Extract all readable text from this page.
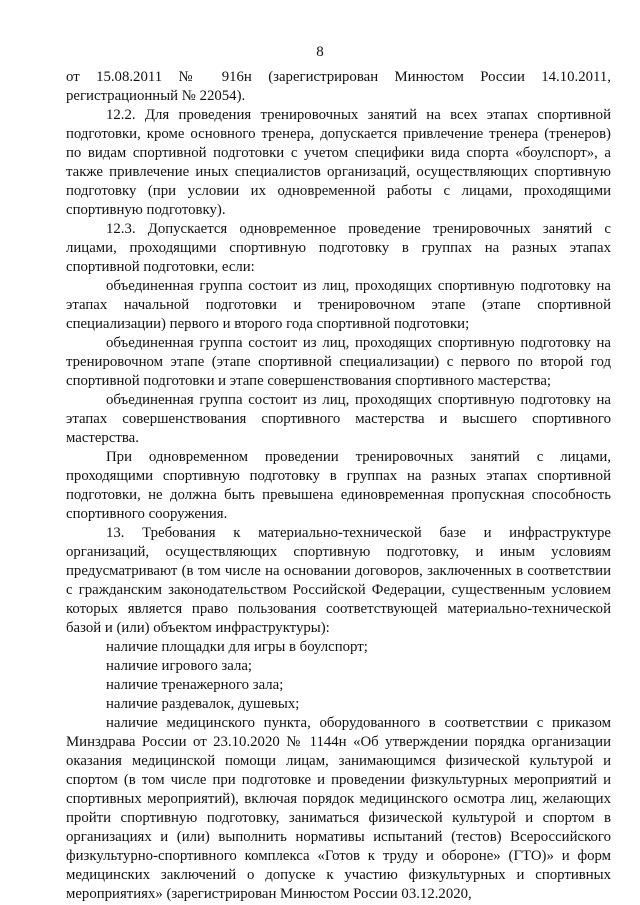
8

от 15.08.2011 № 916н (зарегистрирован Минюстом России 14.10.2011, регистрационный № 22054).

12.2. Для проведения тренировочных занятий на всех этапах спортивной подготовки, кроме основного тренера, допускается привлечение тренера (тренеров) по видам спортивной подготовки с учетом специфики вида спорта «боулспорт», а также привлечение иных специалистов организаций, осуществляющих спортивную подготовку (при условии их одновременной работы с лицами, проходящими спортивную подготовку).

12.3. Допускается одновременное проведение тренировочных занятий с лицами, проходящими спортивную подготовку в группах на разных этапах спортивной подготовки, если:

объединенная группа состоит из лиц, проходящих спортивную подготовку на этапах начальной подготовки и тренировочном этапе (этапе спортивной специализации) первого и второго года спортивной подготовки;

объединенная группа состоит из лиц, проходящих спортивную подготовку на тренировочном этапе (этапе спортивной специализации) с первого по второй год спортивной подготовки и этапе совершенствования спортивного мастерства;

объединенная группа состоит из лиц, проходящих спортивную подготовку на этапах совершенствования спортивного мастерства и высшего спортивного мастерства.

При одновременном проведении тренировочных занятий с лицами, проходящими спортивную подготовку в группах на разных этапах спортивной подготовки, не должна быть превышена единовременная пропускная способность спортивного сооружения.

13. Требования к материально-технической базе и инфраструктуре организаций, осуществляющих спортивную подготовку, и иным условиям предусматривают (в том числе на основании договоров, заключенных в соответствии с гражданским законодательством Российской Федерации, существенным условием которых является право пользования соответствующей материально-технической базой и (или) объектом инфраструктуры):

наличие площадки для игры в боулспорт;

наличие игрового зала;

наличие тренажерного зала;

наличие раздевалок, душевых;

наличие медицинского пункта, оборудованного в соответствии с приказом Минздрава России от 23.10.2020 № 1144н «Об утверждении порядка организации оказания медицинской помощи лицам, занимающимся физической культурой и спортом (в том числе при подготовке и проведении физкультурных мероприятий и спортивных мероприятий), включая порядок медицинского осмотра лиц, желающих пройти спортивную подготовку, заниматься физической культурой и спортом в организациях и (или) выполнить нормативы испытаний (тестов) Всероссийского физкультурно-спортивного комплекса «Готов к труду и обороне» (ГТО)» и форм медицинских заключений о допуске к участию физкультурных и спортивных мероприятиях» (зарегистрирован Минюстом России 03.12.2020,
